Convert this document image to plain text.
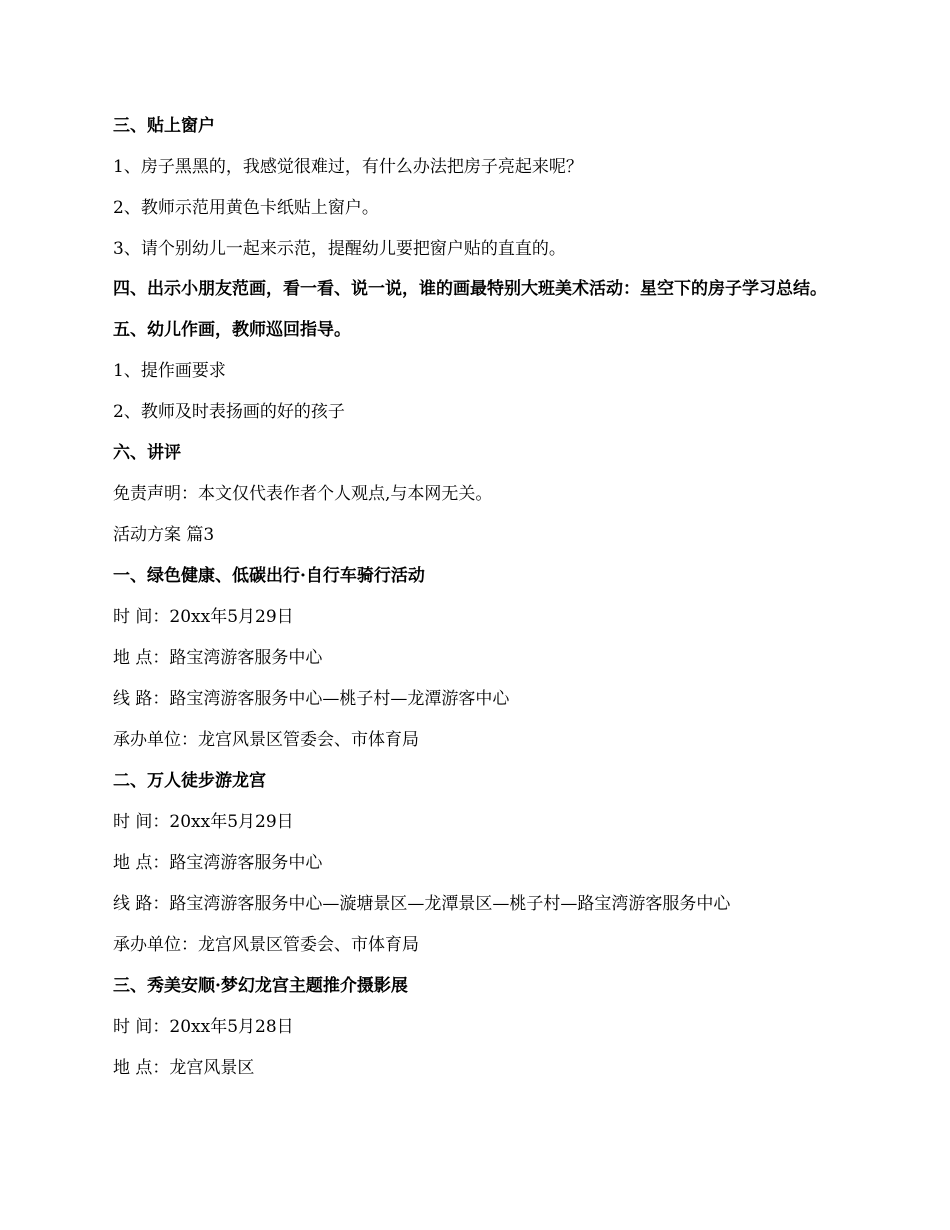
三、贴上窗户

1、房子黑黑的，我感觉很难过，有什么办法把房子亮起来呢？

2、教师示范用黄色卡纸贴上窗户。

3、请个别幼儿一起来示范，提醒幼儿要把窗户贴的直直的。

四、出示小朋友范画，看一看、说一说，谁的画最特别大班美术活动：星空下的房子学习总结。

五、幼儿作画，教师巡回指导。

1、提作画要求

2、教师及时表扬画的好的孩子

六、讲评

免责声明：本文仅代表作者个人观点,与本网无关。

活动方案 篇3

一、绿色健康、低碳出行·自行车骑行活动

时 间：20xx年5月29日

地 点：路宝湾游客服务中心

线 路：路宝湾游客服务中心—桃子村—龙潭游客中心

承办单位：龙宫风景区管委会、市体育局

二、万人徒步游龙宫

时 间：20xx年5月29日

地 点：路宝湾游客服务中心

线 路：路宝湾游客服务中心—漩塘景区—龙潭景区—桃子村—路宝湾游客服务中心

承办单位：龙宫风景区管委会、市体育局

三、秀美安顺·梦幻龙宫主题推介摄影展

时 间：20xx年5月28日

地 点：龙宫风景区
